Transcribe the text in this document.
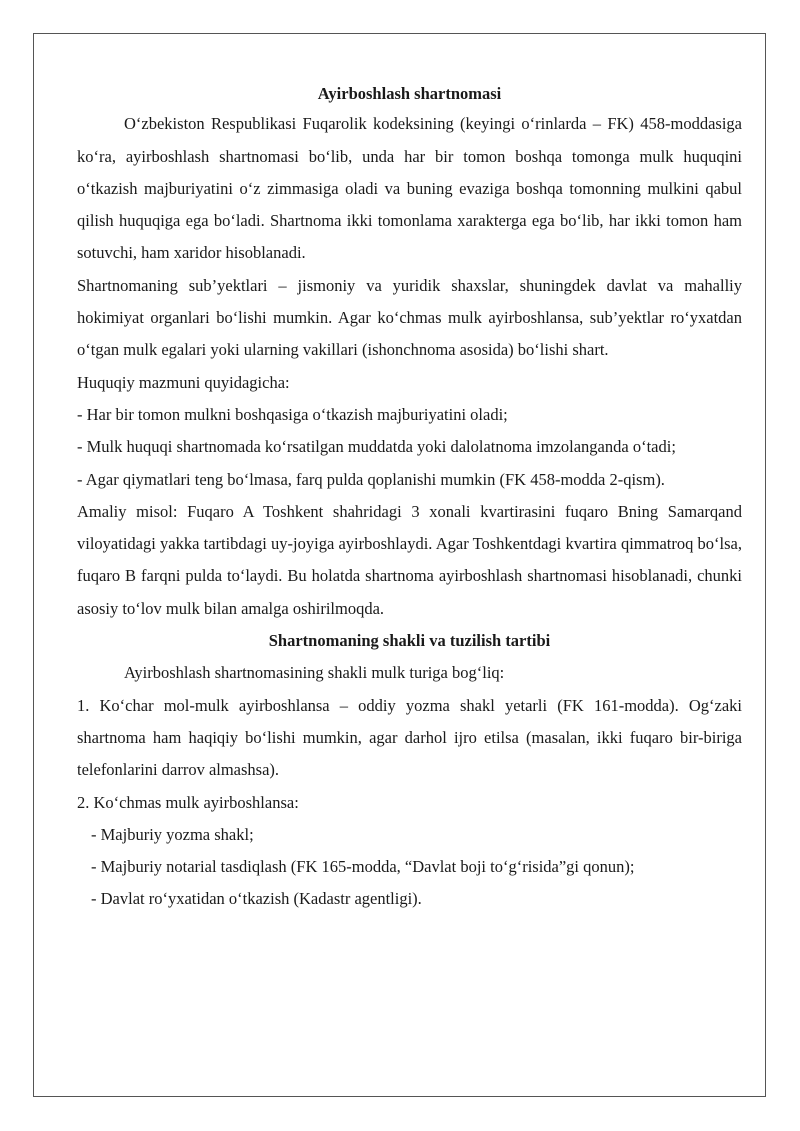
Ayirboshlash shartnomasi

O‘zbekiston Respublikasi Fuqarolik kodeksining (keyingi o‘rinlarda – FK) 458-moddasiga ko‘ra, ayirboshlash shartnomasi bo‘lib, unda har bir tomon boshqa tomonga mulk huquqini o‘tkazish majburiyatini o‘z zimmasiga oladi va buning evaziga boshqa tomonning mulkini qabul qilish huquqiga ega bo‘ladi. Shartnoma ikki tomonlama xarakterga ega bo‘lib, har ikki tomon ham sotuvchi, ham xaridor hisoblanadi.

Shartnomaning sub’yektlari – jismoniy va yuridik shaxslar, shuningdek davlat va mahalliy hokimiyat organlari bo‘lishi mumkin. Agar ko‘chmas mulk ayirboshlansa, sub’yektlar ro‘yxatdan o‘tgan mulk egalari yoki ularning vakillari (ishonchnoma asosida) bo‘lishi shart.

Huquqiy mazmuni quyidagicha:

- Har bir tomon mulkni boshqasiga o‘tkazish majburiyatini oladi;

- Mulk huquqi shartnomada ko‘rsatilgan muddatda yoki dalolatnoma imzolanganda o‘tadi;

- Agar qiymatlari teng bo‘lmasa, farq pulda qoplanishi mumkin (FK 458-modda 2-qism).

Amaliy misol: Fuqaro A Toshkent shahridagi 3 xonali kvartirasini fuqaro Bning Samarqand viloyatidagi yakka tartibdagi uy-joyiga ayirboshlaydi. Agar Toshkentdagi kvartira qimmatroq bo‘lsa, fuqaro B farqni pulda to‘laydi. Bu holatda shartnoma ayirboshlash shartnomasi hisoblanadi, chunki asosiy to‘lov mulk bilan amalga oshirilmoqda.

Shartnomaning shakli va tuzilish tartibi

Ayirboshlash shartnomasining shakli mulk turiga bog‘liq:

1. Ko‘char mol-mulk ayirboshlansa – oddiy yozma shakl yetarli (FK 161-modda). Og‘zaki shartnoma ham haqiqiy bo‘lishi mumkin, agar darhol ijro etilsa (masalan, ikki fuqaro bir-biriga telefonlarini darrov almashsa).

2. Ko‘chmas mulk ayirboshlansa:

- Majburiy yozma shakl;

- Majburiy notarial tasdiqlash (FK 165-modda, “Davlat boji to‘g‘risida”gi qonun);

- Davlat ro‘yxatidan o‘tkazish (Kadastr agentligi).
